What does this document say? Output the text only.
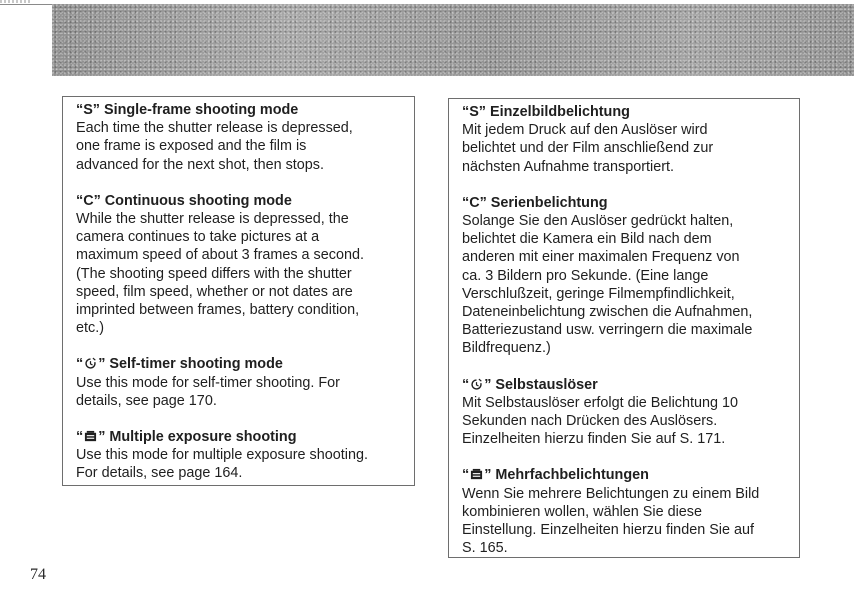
“S” Single-frame shooting mode

Each time the shutter release is depressed,
one frame is exposed and the film is
advanced for the next shot, then stops.

“C” Continuous shooting mode

While the shutter release is depressed, the
camera continues to take pictures at a
maximum speed of about 3 frames a second.
(The shooting speed differs with the shutter
speed, film speed, whether or not dates are
imprinted between frames, battery condition,
etc.)

“ ” Self-timer shooting mode

Use this mode for self-timer shooting. For
details, see page 170.

“ ” Multiple exposure shooting

Use this mode for multiple exposure shooting.
For details, see page 164.

“S” Einzelbildbelichtung

Mit jedem Druck auf den Auslöser wird
belichtet und der Film anschließend zur
nächsten Aufnahme transportiert.

“C” Serienbelichtung

Solange Sie den Auslöser gedrückt halten,
belichtet die Kamera ein Bild nach dem
anderen mit einer maximalen Frequenz von
ca. 3 Bildern pro Sekunde. (Eine lange
Verschlußzeit, geringe Filmempfindlichkeit,
Dateneinbelichtung zwischen die Aufnahmen,
Batteriezustand usw. verringern die maximale
Bildfrequenz.)

“ ” Selbstauslöser

Mit Selbstauslöser erfolgt die Belichtung 10
Sekunden nach Drücken des Auslösers.
Einzelheiten hierzu finden Sie auf S. 171.

“ ” Mehrfachbelichtungen

Wenn Sie mehrere Belichtungen zu einem Bild
kombinieren wollen, wählen Sie diese
Einstellung. Einzelheiten hierzu finden Sie auf
S. 165.

74
